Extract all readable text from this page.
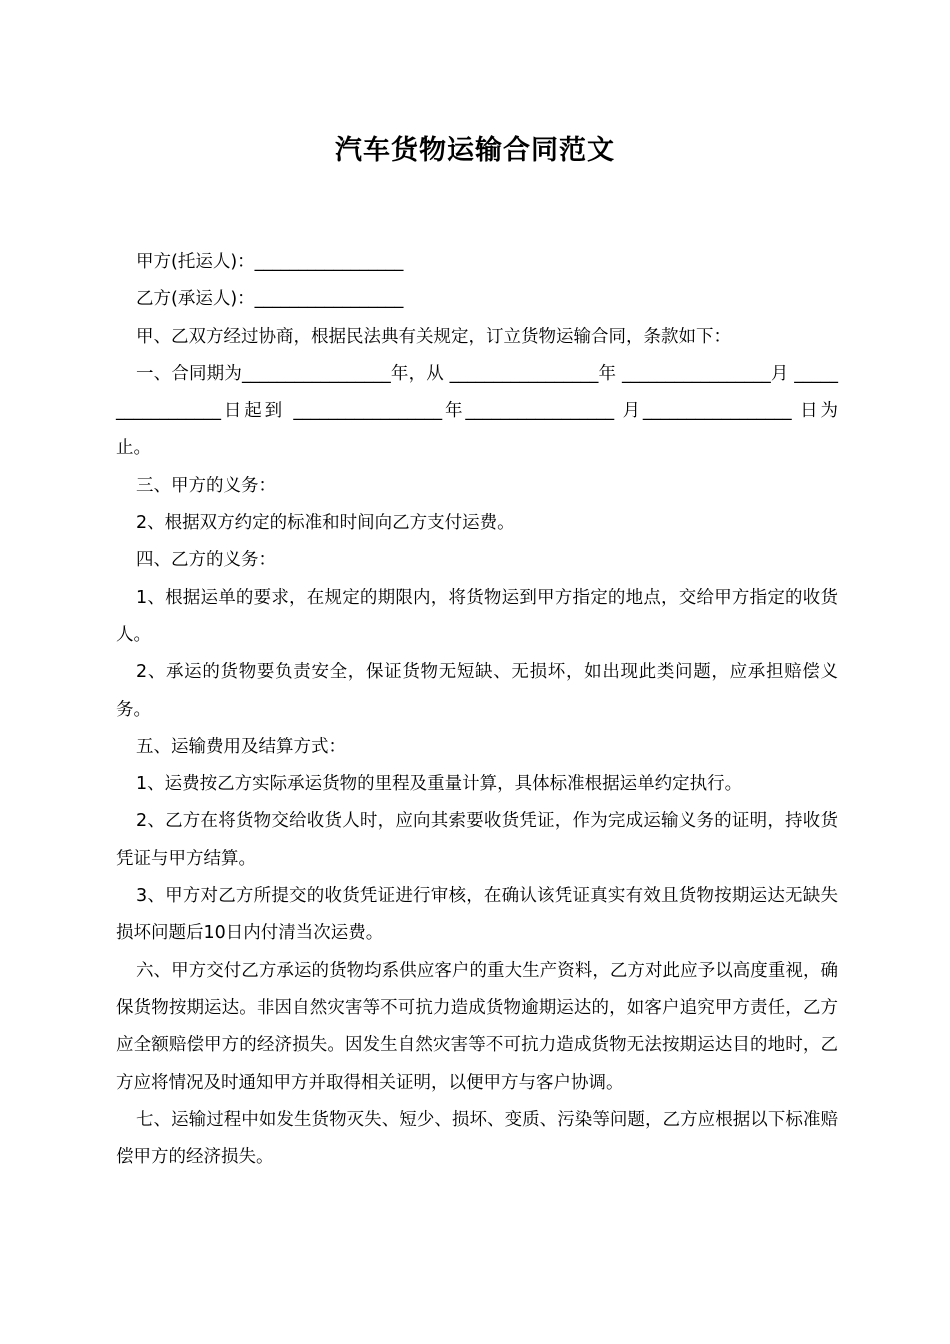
汽车货物运输合同范文

甲方(托运人)：_________________

乙方(承运人)：_________________

甲、乙双方经过协商，根据民法典有关规定，订立货物运输合同，条款如下：

一、合同期为_________________年，从 _________________年 _________________月 _________________日起到 _________________年_________________ 月_________________ 日为止。

三、甲方的义务：

2、根据双方约定的标准和时间向乙方支付运费。

四、乙方的义务：

1、根据运单的要求，在规定的期限内，将货物运到甲方指定的地点，交给甲方指定的收货人。

2、承运的货物要负责安全，保证货物无短缺、无损坏，如出现此类问题，应承担赔偿义务。

五、运输费用及结算方式：

1、运费按乙方实际承运货物的里程及重量计算，具体标准根据运单约定执行。

2、乙方在将货物交给收货人时，应向其索要收货凭证，作为完成运输义务的证明，持收货凭证与甲方结算。

3、甲方对乙方所提交的收货凭证进行审核，在确认该凭证真实有效且货物按期运达无缺失损坏问题后10日内付清当次运费。

六、甲方交付乙方承运的货物均系供应客户的重大生产资料，乙方对此应予以高度重视，确保货物按期运达。非因自然灾害等不可抗力造成货物逾期运达的，如客户追究甲方责任，乙方应全额赔偿甲方的经济损失。因发生自然灾害等不可抗力造成货物无法按期运达目的地时，乙方应将情况及时通知甲方并取得相关证明，以便甲方与客户协调。

七、运输过程中如发生货物灭失、短少、损坏、变质、污染等问题，乙方应根据以下标准赔偿甲方的经济损失。
